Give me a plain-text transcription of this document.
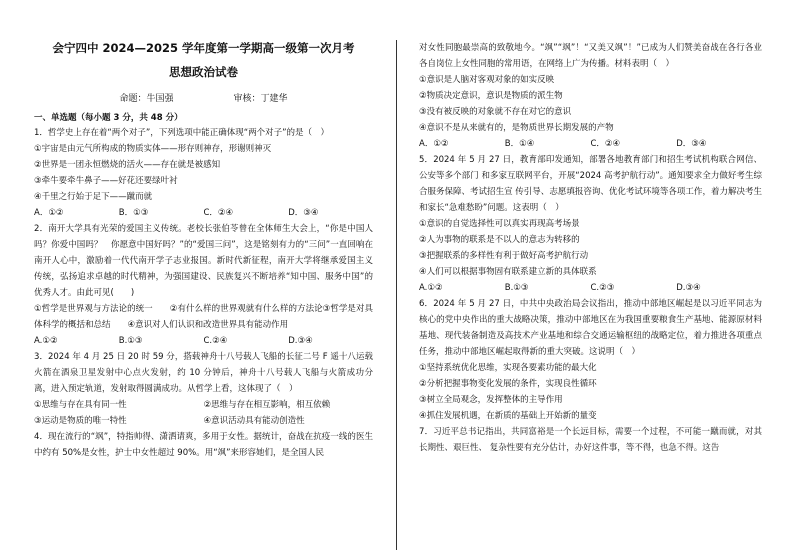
会宁四中 2024—2025 学年度第一学期高一级第一次月考
思想政治试卷
命题：牛国强	审核：丁建华
一、单选题（每小题 3 分，共 48 分）
1．哲学史上存在着“两个对子”，下列选项中能正确体现“两个对子”的是（　）
①宇宙是由元气所构成的物质实体——形存则神存，形谢则神灭
②世界是一团永恒燃烧的活火——存在就是被感知
③牵牛要牵牛鼻子——好花还要绿叶衬
④千里之行始于足下——蹴而就
A．①②	B．①③	C．②④	D．③④

2．南开大学具有光荣的爱国主义传统。老校长张伯苓曾在全体师生大会上，“你是中国人吗？你爱中国吗？　你愿意中国好吗？”的“爱国三问”，这是铭刻有力的“三问”一直回响在南开人心中，激励着一代代南开学子志业报国。新时代新征程，南开大学将继承爱国主义传统，弘扬追求卓越的时代精神，为强国建设、民族复兴不断培养“知中国、服务中国”的优秀人才。由此可见(　　)

①哲学是世界观与方法论的统一　　②有什么样的世界观就有什么样的方法论③哲学是对具体科学的概括和总结　　④意识对人们认识和改造世界具有能动作用

A.①②	B.①③	C.②④	D.③④

3．2024 年 4 月 25 日 20 时 59 分，搭载神舟十八号载人飞船的长征二号 F 遥十八运载火箭在酒泉卫星发射中心点火发射，约 10 分钟后，神舟十八号载人飞船与火箭成功分离，进入预定轨道，发射取得圆满成功。从哲学上看，这体现了（　）

①思维与存在具有同一性	②思维与存在相互影响，相互依赖
③运动是物质的唯一特性	④意识活动具有能动创造性

4．现在流行的“飒”，特指帅得、潇洒请爽，多用于女性。据统计，奋战在抗疫一线的医生中约有 50%是女性，护士中女性超过 90%。用“飒”来形容她们，是全国人民

对女性同胞最崇高的致敬地今。“飒”“飒”！“又美又飒”！”已成为人们赞美奋战在各行各业各自岗位上女性同胞的常用语，在网络上广为传播。材料表明（　）

①意识是人脑对客观对象的如实反映
②物质决定意识，意识是物质的派生物
③没有被反映的对象就不存在对它的意识
④意识不是从来就有的，是物质世界长期发展的产物
A．①②	B．①④	C．②④	D．③④

5．2024 年 5 月 27 日，教育部印发通知，部署各地教育部门和招生考试机构联合网信、公安等多个部门 和多家互联网平台，开展“2024 高考护航行动”。通知要求全力做好考生综合服务保障、考试招生宣 传引导、志愿填报咨询、优化考试环境等各项工作，着力解决考生和家长“急难愁盼”问题。这表明（　）

①意识的自觉选择性可以真实再现高考场景
②人为事物的联系是不以人的意志为转移的
③把握联系的多样性有利于做好高考护航行动
④人们可以根据事物固有联系建立新的具体联系
A.①②	B.①③	C.②③	D.③④

6．2024 年 5 月 27 日，中共中央政治局会议指出，推动中部地区崛起是以习近平同志为核心的党中央作出的重大战略决策，推动中部地区在为我国重要粮食生产基地、能源原材料基地、现代装备制造及高技术产业基地和综合交通运输枢纽的战略定位，着力推进各项重点任务，推动中部地区崛起取得新的重大突破。这说明（　）

①坚持系统优化思维，实现各要素功能的最大化
②分析把握事物变化发展的条件，实现良性循环
③树立全局观念，发挥整体的主导作用
④抓住发展机遇，在新质的基础上开始新的量变

7．习近平总书记指出，共同富裕是一个长远目标，需要一个过程，不可能一蹴而就，对其长期性、艰巨性、 复杂性要有充分估计，办好这件事，等不得，也急不得。这告
